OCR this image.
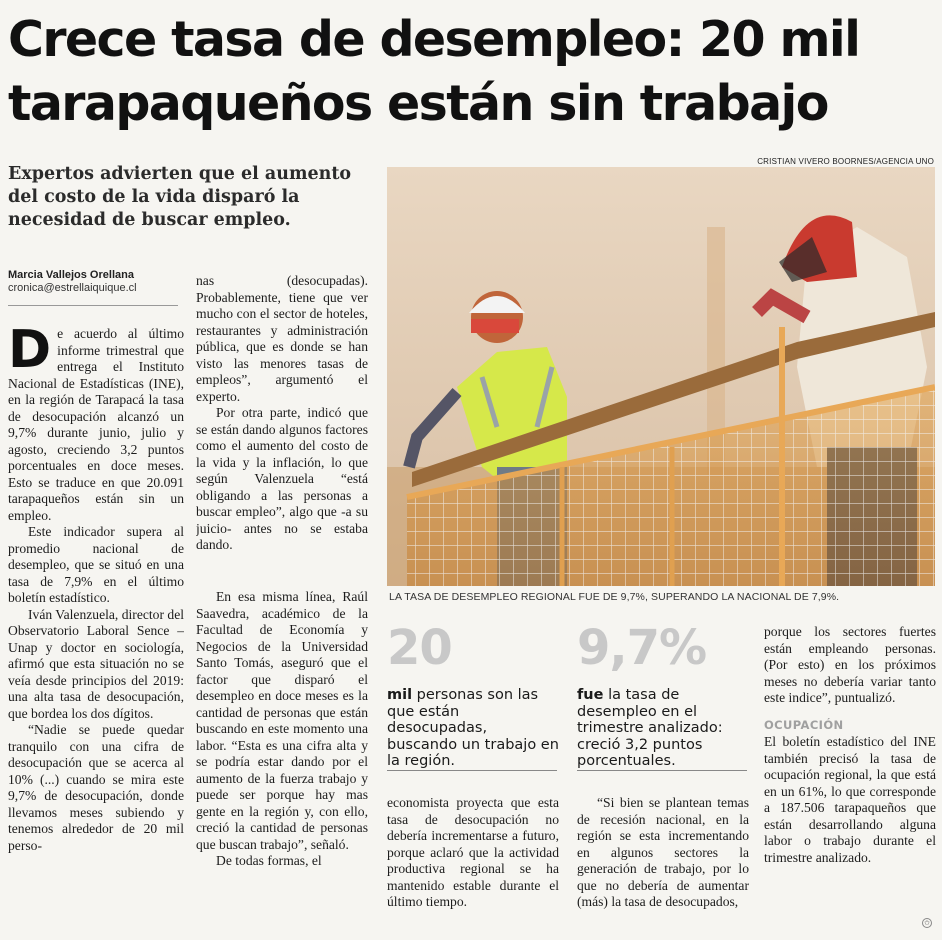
Crece tasa de desempleo: 20 mil
tarapaqueños están sin trabajo
CRISTIAN VIVERO BOORNES/AGENCIA UNO
Expertos advierten que el aumento del costo de la vida disparó la necesidad de buscar empleo.
Marcia Vallejos Orellana
cronica@estrellaiquique.cl

De acuerdo al último informe trimestral que entrega el Instituto Nacional de Estadísticas (INE), en la región de Tarapacá la tasa de desocupación alcanzó un 9,7% durante junio, julio y agosto, creciendo 3,2 puntos porcentuales en doce meses. Esto se traduce en que 20.091 tarapaqueños están sin un empleo.

Este indicador supera al promedio nacional de desempleo, que se situó en una tasa de 7,9% en el último boletín estadístico.

Iván Valenzuela, director del Observatorio Laboral Sence – Unap y doctor en sociología, afirmó que esta situación no se veía desde principios del 2019: una alta tasa de desocupación, que bordea los dos dígitos.

“Nadie se puede quedar tranquilo con una cifra de desocupación que se acerca al 10% (...) cuando se mira este 9,7% de desocupación, donde llevamos meses subiendo y tenemos alrededor de 20 mil perso-

nas (desocupadas). Probablemente, tiene que ver mucho con el sector de hoteles, restaurantes y administración pública, que es donde se han visto las menores tasas de empleos”, argumentó el experto.

Por otra parte, indicó que se están dando algunos factores como el aumento del costo de la vida y la inflación, lo que según Valenzuela “está obligando a las personas a buscar empleo”, algo que -a su juicio- antes no se estaba dando.

En esa misma línea, Raúl Saavedra, académico de la Facultad de Economía y Negocios de la Universidad Santo Tomás, aseguró que el factor que disparó el desempleo en doce meses es la cantidad de personas que están buscando en este momento una labor. “Esta es una cifra alta y se podría estar dando por el aumento de la fuerza trabajo y puede ser porque hay mas gente en la región y, con ello, creció la cantidad de personas que buscan trabajo”, señaló.

De todas formas, el

LA TASA DE DESEMPLEO REGIONAL FUE DE 9,7%, SUPERANDO LA NACIONAL DE 7,9%.
20
mil personas son las que están desocupadas, buscando un trabajo en la región.
9,7%
fue la tasa de desempleo en el trimestre analizado: creció 3,2 puntos porcentuales.

economista proyecta que esta tasa de desocupación no debería incrementarse a futuro, porque aclaró que la actividad productiva regional se ha mantenido estable durante el último tiempo.

“Si bien se plantean temas de recesión nacional, en la región se esta incrementando en algunos sectores la generación de trabajo, por lo que no debería de aumentar (más) la tasa de desocupados,

porque los sectores fuertes están empleando personas. (Por esto) en los próximos meses no debería variar tanto este indice”, puntualizó.

OCUPACIÓN

El boletín estadístico del INE también precisó la tasa de ocupación regional, la que está en un 61%, lo que corresponde a 187.506 tarapaqueños que están desarrollando alguna labor o trabajo durante el trimestre analizado.

✩
